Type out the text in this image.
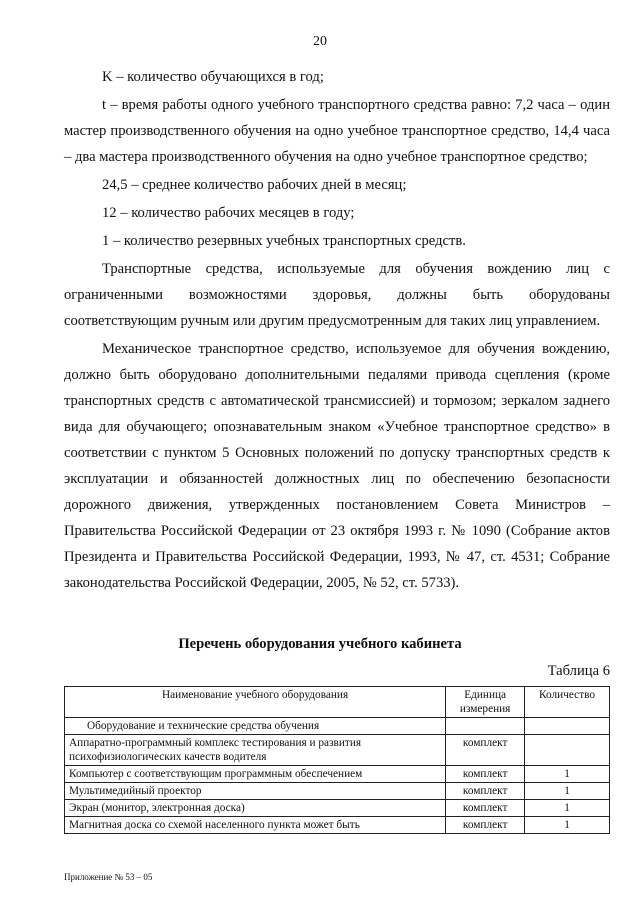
20

K – количество обучающихся в год;

t – время работы одного учебного транспортного средства равно: 7,2 часа – один мастер производственного обучения на одно учебное транспортное средство, 14,4 часа – два мастера производственного обучения на одно учебное транспортное средство;

24,5 – среднее количество рабочих дней в месяц;

12 – количество рабочих месяцев в году;

1 – количество резервных учебных транспортных средств.

Транспортные средства, используемые для обучения вождению лиц с ограниченными возможностями здоровья, должны быть оборудованы соответствующим ручным или другим предусмотренным для таких лиц управлением.

Механическое транспортное средство, используемое для обучения вождению, должно быть оборудовано дополнительными педалями привода сцепления (кроме транспортных средств с автоматической трансмиссией) и тормозом; зеркалом заднего вида для обучающего; опознавательным знаком «Учебное транспортное средство» в соответствии с пунктом 5 Основных положений по допуску транспортных средств к эксплуатации и обязанностей должностных лиц по обеспечению безопасности дорожного движения, утвержденных постановлением Совета Министров – Правительства Российской Федерации от 23 октября 1993 г. № 1090 (Собрание актов Президента и Правительства Российской Федерации, 1993, № 47, ст. 4531; Собрание законодательства Российской Федерации, 2005, № 52, ст. 5733).

Перечень оборудования учебного кабинета
Таблица 6
Наименование учебного оборудования	Единица измерения	Количество
Оборудование и технические средства обучения		
Аппаратно-программный комплекс тестирования и развития психофизиологических качеств водителя	комплект	
Компьютер с соответствующим программным обеспечением	комплект	1
Мультимедийный проектор	комплект	1
Экран (монитор, электронная доска)	комплект	1
Магнитная доска со схемой населенного пункта может быть	комплект	1
Приложение № 53 – 05
